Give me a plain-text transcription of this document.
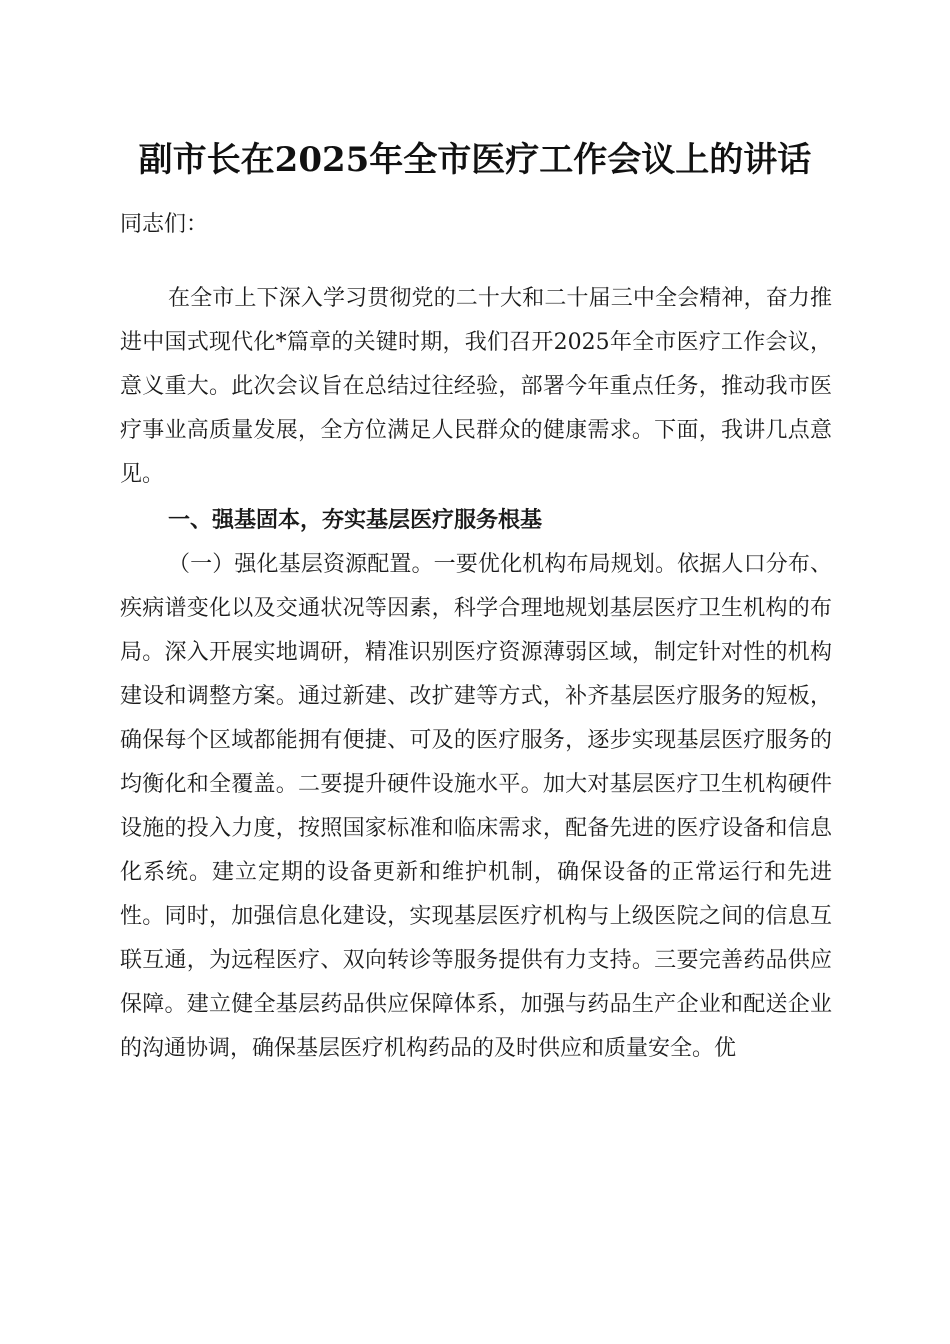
副市长在2025年全市医疗工作会议上的讲话
同志们：
在全市上下深入学习贯彻党的二十大和二十届三中全会精神，奋力推进中国式现代化*篇章的关键时期，我们召开2025年全市医疗工作会议，意义重大。此次会议旨在总结过往经验，部署今年重点任务，推动我市医疗事业高质量发展，全方位满足人民群众的健康需求。下面，我讲几点意见。
一、强基固本，夯实基层医疗服务根基
（一）强化基层资源配置。一要优化机构布局规划。依据人口分布、疾病谱变化以及交通状况等因素，科学合理地规划基层医疗卫生机构的布局。深入开展实地调研，精准识别医疗资源薄弱区域，制定针对性的机构建设和调整方案。通过新建、改扩建等方式，补齐基层医疗服务的短板，确保每个区域都能拥有便捷、可及的医疗服务，逐步实现基层医疗服务的均衡化和全覆盖。二要提升硬件设施水平。加大对基层医疗卫生机构硬件设施的投入力度，按照国家标准和临床需求，配备先进的医疗设备和信息化系统。建立定期的设备更新和维护机制，确保设备的正常运行和先进性。同时，加强信息化建设，实现基层医疗机构与上级医院之间的信息互联互通，为远程医疗、双向转诊等服务提供有力支持。三要完善药品供应保障。建立健全基层药品供应保障体系，加强与药品生产企业和配送企业的沟通协调，确保基层医疗机构药品的及时供应和质量安全。优
